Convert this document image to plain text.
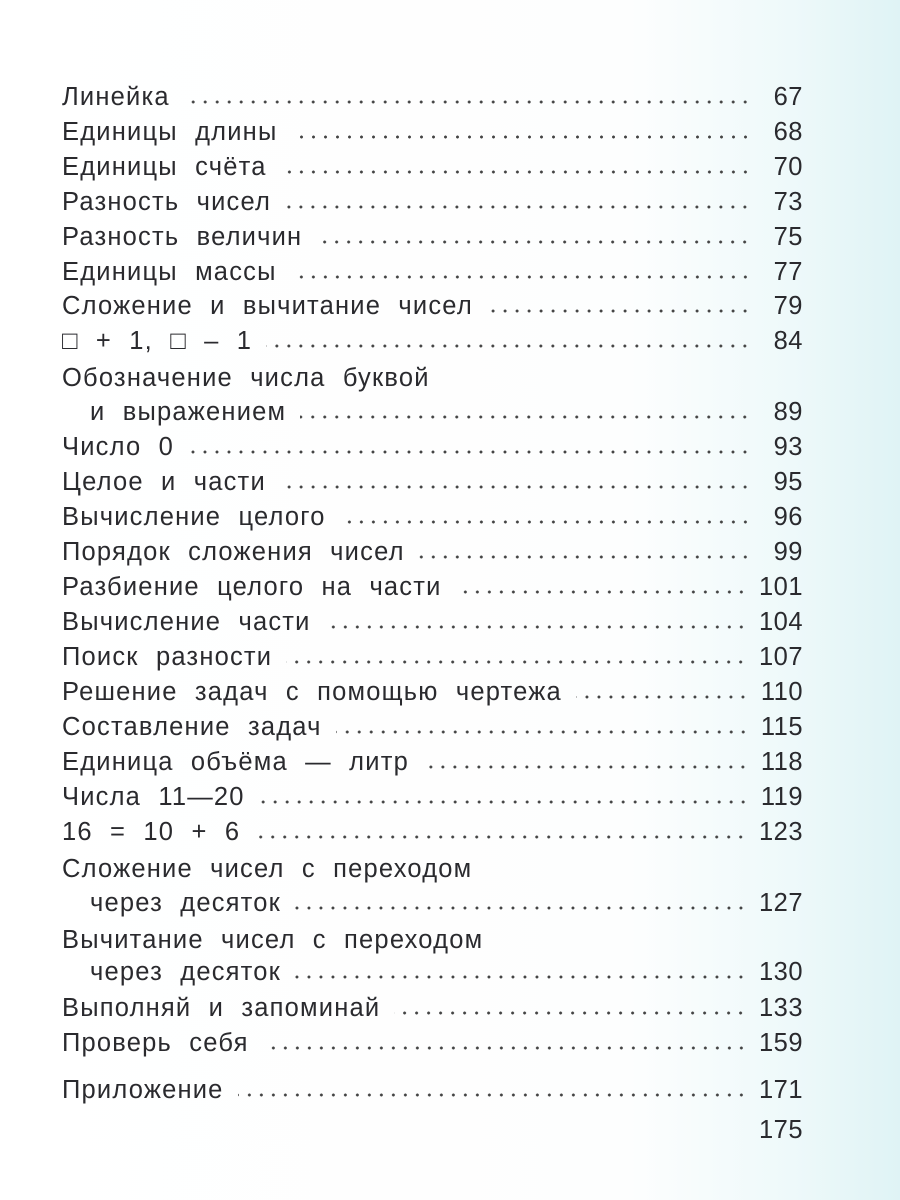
Линейка	67
Единицы длины	68
Единицы счёта	70
Разность чисел	73
Разность величин	75
Единицы массы	77
Сложение и вычитание чисел	79
□ + 1, □ – 1	84
Обозначение числа буквой
и выражением	89
Число 0	93
Целое и части	95
Вычисление целого	96
Порядок сложения чисел	99
Разбиение целого на части	101
Вычисление части	104
Поиск разности	107
Решение задач с помощью чертежа	110
Составление задач	115
Единица объёма — литр	118
Числа 11—20	119
16 = 10 + 6	123
Сложение чисел с переходом
через десяток	127
Вычитание чисел с переходом
через десяток	130
Выполняй и запоминай	133
Проверь себя	159
Приложение	171
175
